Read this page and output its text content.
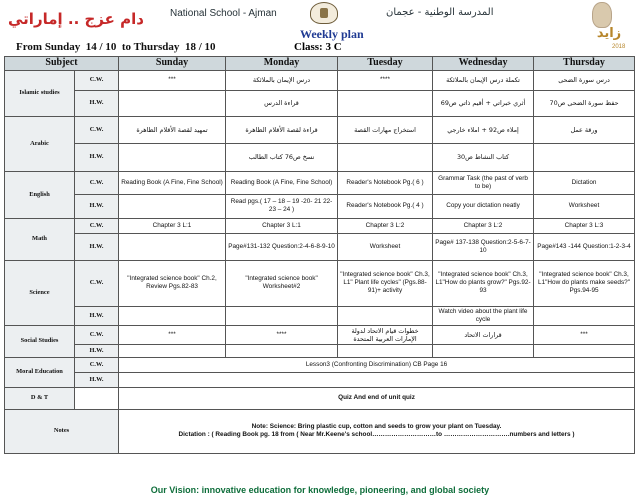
دام عزج .. إماراتي	National School - Ajman	المدرسة الوطنية - عجمان
Weekly plan
From Sunday 14 / 10 to Thursday 18 / 10	Class: 3 C
زايد
2018
Subject		Sunday	Monday	Tuesday	Wednesday	Thursday
Islamic studies	C.W.	***	درس الإيمان بالملائكة	****	تكملة درس الإيمان بالملائكة	درس سورة الضحى
	H.W.		قراءة الدرس		أثري خبراتي + أقيم ذاتي ص69	حفظ سورة الضحى ص70
Arabic	C.W.	تمهيد لقصة الأقلام الظاهرة	قراءة لقصة الأقلام الظاهرة	استخراج مهارات القصة	إملاء ص92 + املاء خارجي	ورقة عمل
	H.W.		نسخ ص76 كتاب الطالب		كتاب النشاط ص30	
English	C.W.	Reading Book (A Fine, Fine School)	Reading Book (A Fine, Fine School)	Reader's Notebook Pg.( 6 )	Grammar Task (the past of verb to be)	Dictation
	H.W.		Read pgs.( 17 – 18 – 19 -20- 21 22- 23 – 24 )	Reader's Notebook Pg.( 4 )	Copy your dictation neatly	Worksheet
Math	C.W.	Chapter 3 L:1	Chapter 3 L:1	Chapter 3 L:2	Chapter 3 L:2	Chapter 3 L:3
	H.W.		Page#131-132 Question:2-4-6-8-9-10	Worksheet	Page# 137-138 Question:2-5-6-7-10	Page#143 -144 Question:1-2-3-4
Science	C.W.	"Integrated science book" Ch.2, Review Pgs.82-83	"Integrated science book" Worksheet#2	"Integrated science book" Ch.3, L1" Plant life cycles" (Pgs.88-91)+ activity	"Integrated science book" Ch.3, L1"How do plants grow?" Pgs.92-93	"Integrated science book" Ch.3, L1"How do plants make seeds?" Pgs.94-95
	H.W.				Watch video about the plant life cycle	
Social Studies	C.W.	***	****	خطوات قيام الاتحاد لدولة الإمارات العربية المتحدة	قرارات الاتحاد	***
	H.W.					
Moral Education	C.W.	Lesson3 (Confronting Discrimination) CB Page 16				
	H.W.					
D & T		Quiz And end of unit quiz				
Notes		Note: Science: Bring plastic cup, cotton and seeds to grow your plant on Tuesday.
Dictation : ( Reading Book pg. 18 from ( Near Mr.Keene's school…………………………to ………………………….numbers and letters )				
Our Vision: innovative education for knowledge, pioneering, and global society
